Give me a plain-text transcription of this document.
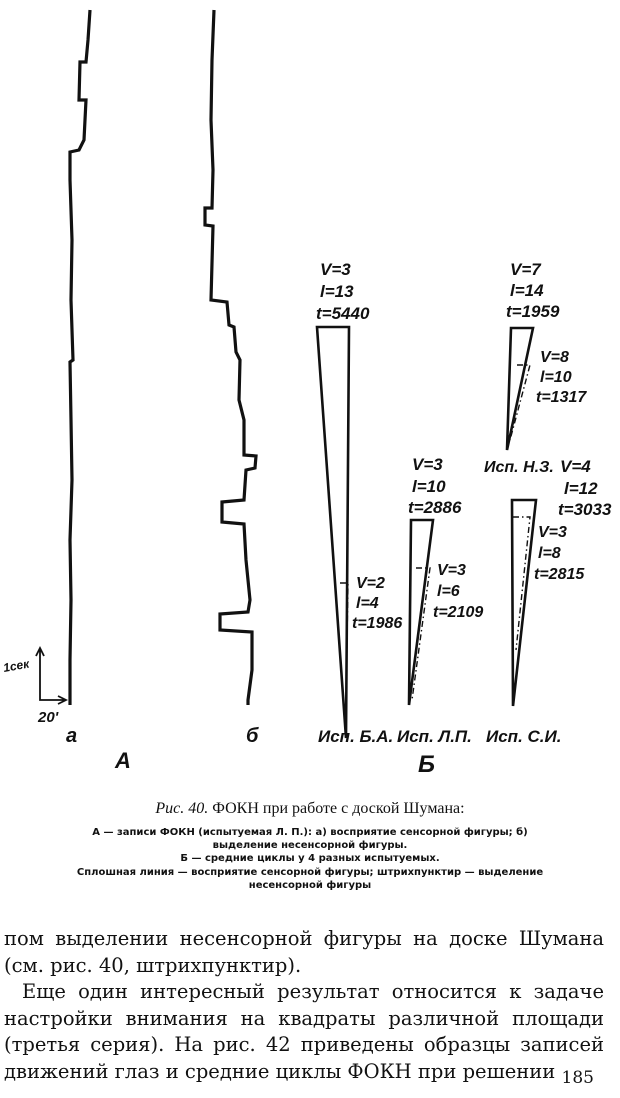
а	б
1сек
20'
А	Б
V=3
l=13
t=5440
V=2
l=4
t=1986
Исп. Б.А.
V=3
l=10
t=2886
V=3
l=6
t=2109
Исп. Л.П.
V=7
l=14
t=1959
V=8
l=10
t=1317
Исп. Н.З. V=4
l=12
t=3033
V=3
l=8
t=2815
Исп. С.И.
Рис. 40. ФОКН при работе с доской Шумана:
А — записи ФОКН (испытуемая Л. П.): а) восприятие сенсорной фигуры; б) выделение несенсорной фигуры.
Б — средние циклы у 4 разных испытуемых.
Сплошная линия — восприятие сенсорной фигуры; штрихпунктир — выделение несенсорной фигуры

пом выделении несенсорной фигуры на доске Шумана (см. рис. 40, штрихпунктир).

Еще один интересный результат относится к задаче настройки внимания на квадраты различной площади (третья серия). На рис. 42 приведены образцы записей движений глаз и средние циклы ФОКН при решении 185
